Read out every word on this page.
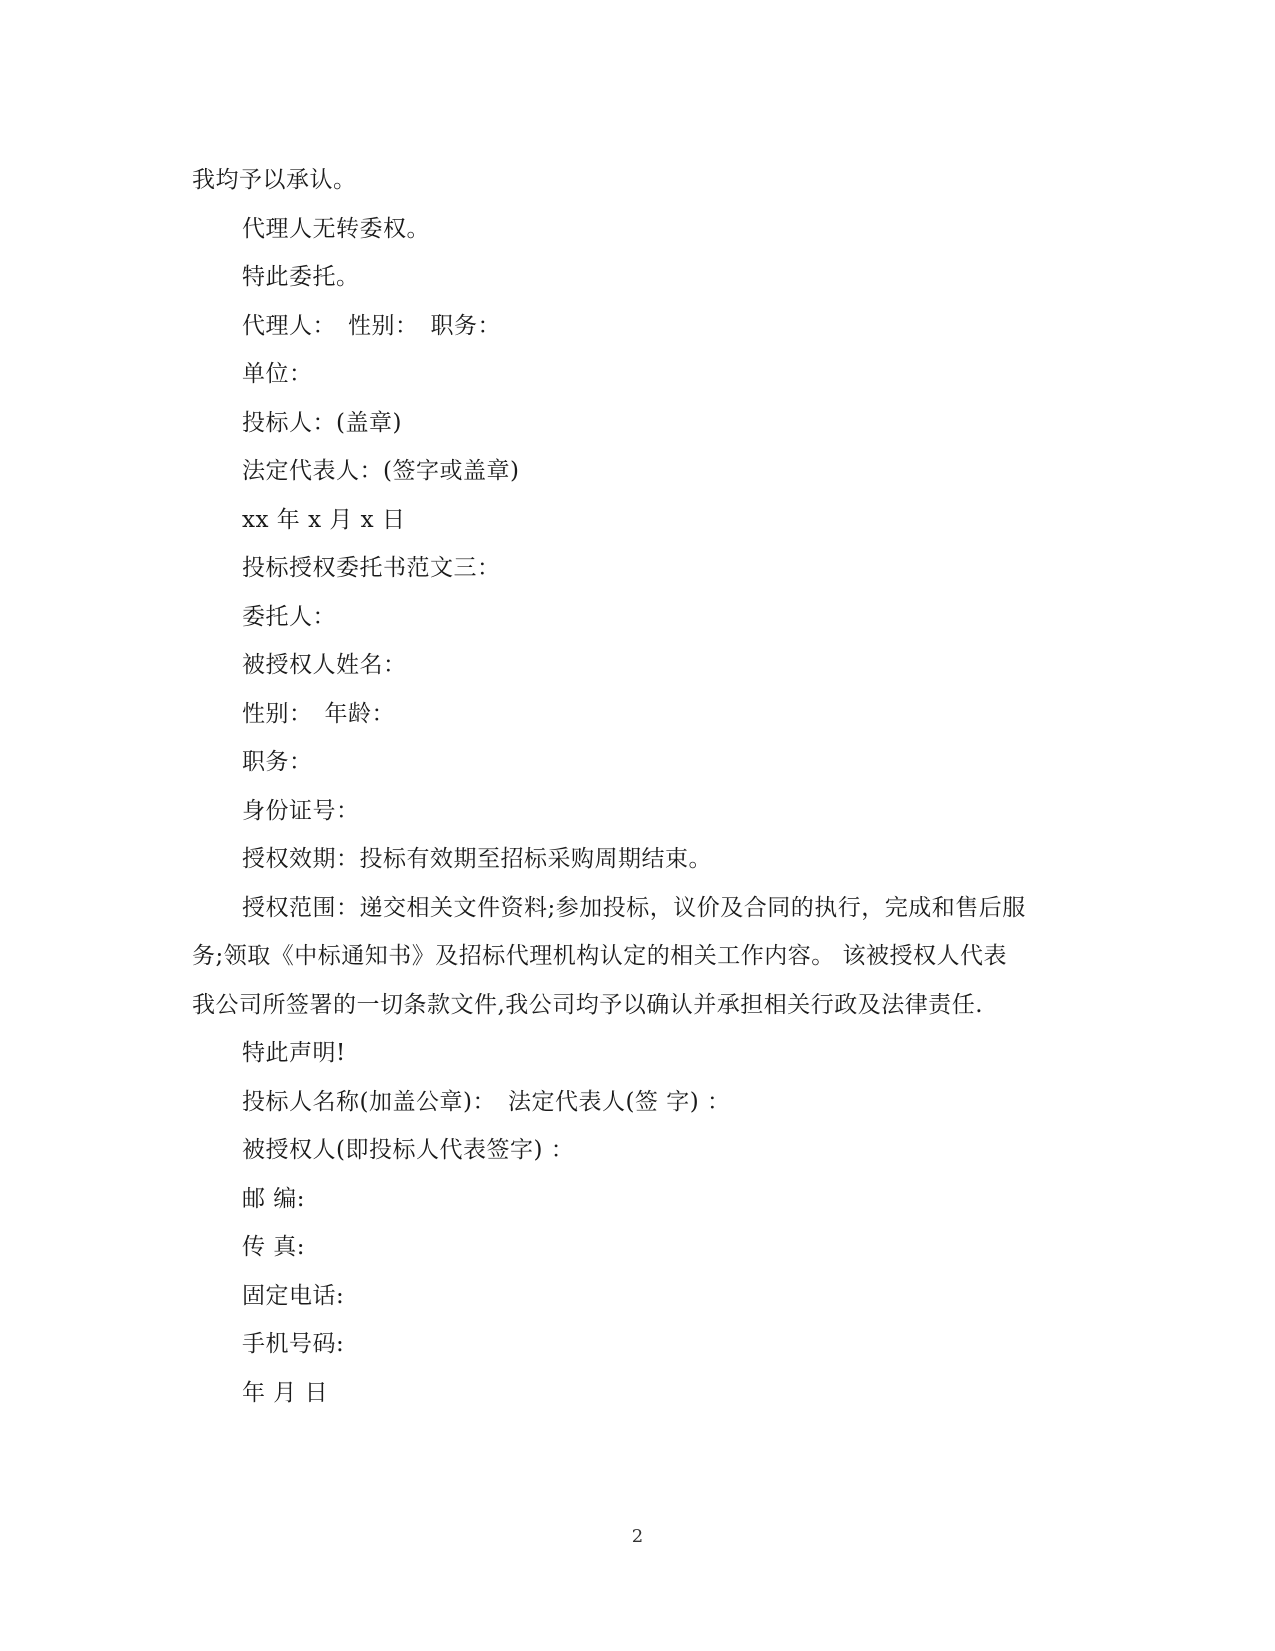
我均予以承认。
代理人无转委权。
特此委托。
代理人：　性别：　职务：
单位：
投标人：(盖章)
法定代表人：(签字或盖章)
xx 年 x 月 x 日
投标授权委托书范文三：
委托人：
被授权人姓名：
性别：　年龄：
职务：
身份证号：
授权效期：投标有效期至招标采购周期结束。
授权范围：递交相关文件资料;参加投标，议价及合同的执行，完成和售后服
务;领取《中标通知书》及招标代理机构认定的相关工作内容。 该被授权人代表
我公司所签署的一切条款文件,我公司均予以确认并承担相关行政及法律责任.
特此声明!
投标人名称(加盖公章)：　法定代表人(签 字) ：
被授权人(即投标人代表签字) ：
邮 编:
传 真:
固定电话:
手机号码:
年 月 日
2
